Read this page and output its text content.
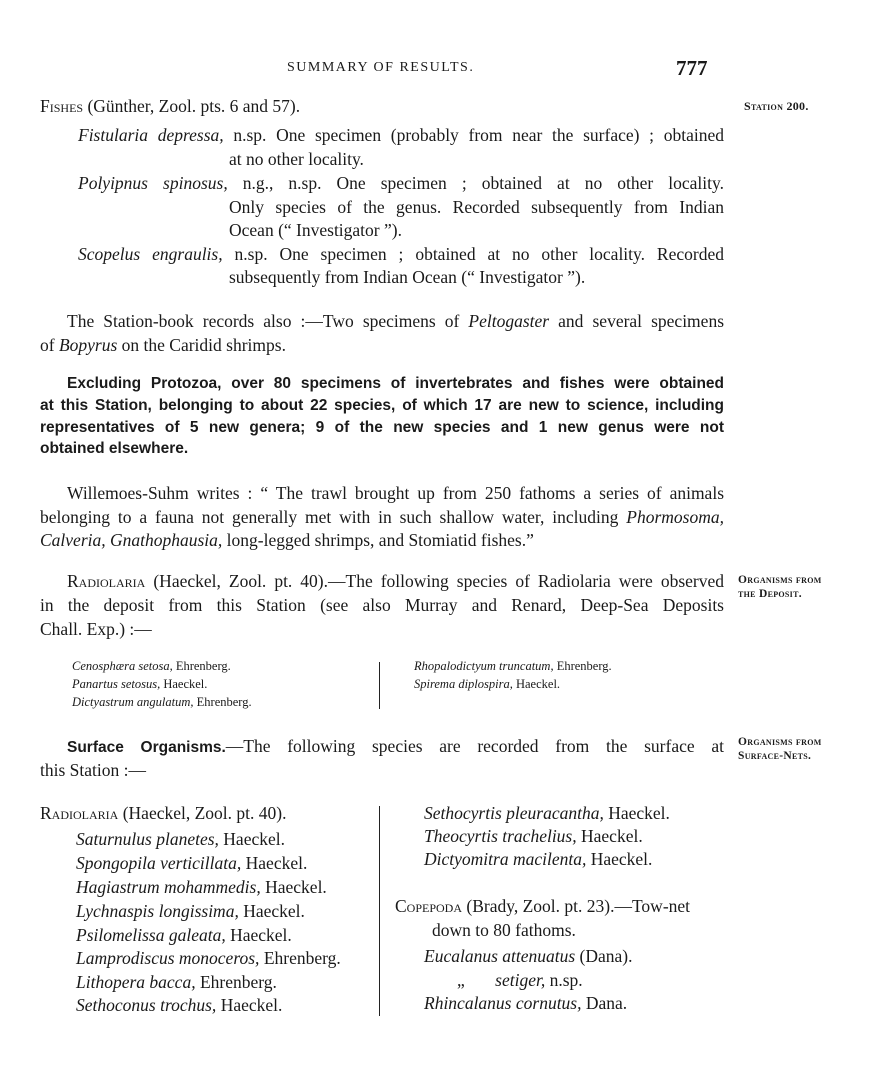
SUMMARY OF RESULTS.	777
Station 200.
Organisms from
the Deposit.
Organisms from
Surface-Nets.
Fishes (Günther, Zool. pts. 6 and 57).
Fistularia depressa, n.sp. One specimen (probably from near the surface) ; obtained
at no other locality.
Polyipnus spinosus, n.g., n.sp. One specimen ; obtained at no other locality.
Only species of the genus. Recorded subsequently from Indian
Ocean (“ Investigator ”).
Scopelus engraulis, n.sp. One specimen ; obtained at no other locality. Recorded
subsequently from Indian Ocean (“ Investigator ”).
The Station-book records also :—Two specimens of Peltogaster and several specimens
of Bopyrus on the Caridid shrimps.
Excluding Protozoa, over 80 specimens of invertebrates and fishes were obtained
at this Station, belonging to about 22 species, of which 17 are new to science, including
representatives of 5 new genera; 9 of the new species and 1 new genus were not
obtained elsewhere.
Willemoes-Suhm writes : “ The trawl brought up from 250 fathoms a series of animals
belonging to a fauna not generally met with in such shallow water, including Phormosoma,
Calveria, Gnathophausia, long-legged shrimps, and Stomiatid fishes.”
Radiolaria (Haeckel, Zool. pt. 40).—The following species of Radiolaria were observed
in the deposit from this Station (see also Murray and Renard, Deep-Sea Deposits
Chall. Exp.) :—
Cenosphæra setosa, Ehrenberg.
Panartus setosus, Haeckel.
Dictyastrum angulatum, Ehrenberg.
Rhopalodictyum truncatum, Ehrenberg.
Spirema diplospira, Haeckel.
Surface Organisms.—The following species are recorded from the surface at
this Station :—
Radiolaria (Haeckel, Zool. pt. 40).
Saturnulus planetes, Haeckel.
Spongopila verticillata, Haeckel.
Hagiastrum mohammedis, Haeckel.
Lychnaspis longissima, Haeckel.
Psilomelissa galeata, Haeckel.
Lamprodiscus monoceros, Ehrenberg.
Lithopera bacca, Ehrenberg.
Sethoconus trochus, Haeckel.
Sethocyrtis pleuracantha, Haeckel.
Theocyrtis trachelius, Haeckel.
Dictyomitra macilenta, Haeckel.
Copepoda (Brady, Zool. pt. 23).—Tow-net
down to 80 fathoms.
Eucalanus attenuatus (Dana).
„ setiger, n.sp.
Rhincalanus cornutus, Dana.
